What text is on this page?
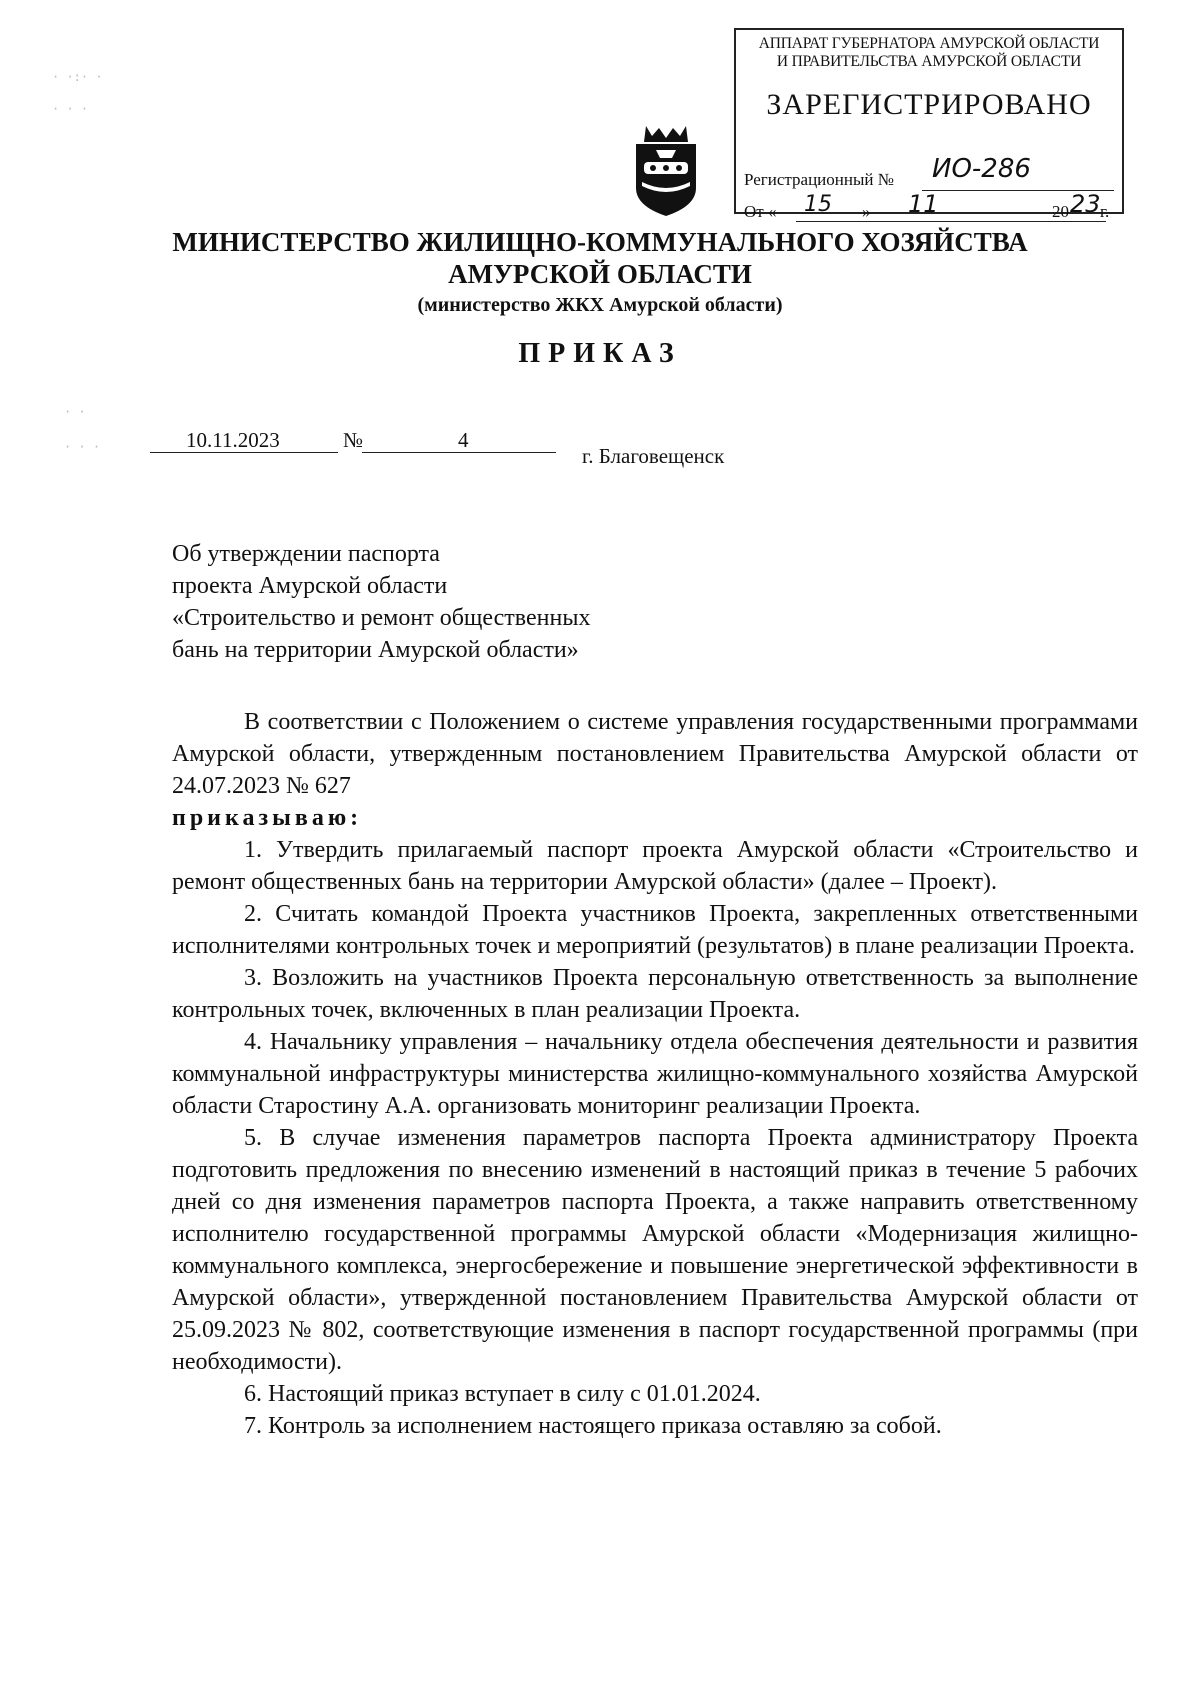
· ·:· ·
· · ·
· ·
· · ·
АППАРАТ ГУБЕРНАТОРА АМУРСКОЙ ОБЛАСТИ
И ПРАВИТЕЛЬСТВА АМУРСКОЙ ОБЛАСТИ
ЗАРЕГИСТРИРОВАНО
Регистрационный № ИО-286
От « 15 » 11	20 23 г.
МИНИСТЕРСТВО ЖИЛИЩНО-КОММУНАЛЬНОГО ХОЗЯЙСТВА
АМУРСКОЙ ОБЛАСТИ
(министерство ЖКХ Амурской области)
ПРИКАЗ
10.11.2023	№	4
г. Благовещенск
Об утверждении паспорта
проекта Амурской области
«Строительство и ремонт общественных
бань на территории Амурской области»

В соответствии с Положением о системе управления государственными программами Амурской области, утвержденным постановлением Правительства Амурской области от 24.07.2023 № 627

приказываю:

1. Утвердить прилагаемый паспорт проекта Амурской области «Строительство и ремонт общественных бань на территории Амурской области» (далее – Проект).

2. Считать командой Проекта участников Проекта, закрепленных ответственными исполнителями контрольных точек и мероприятий (результатов) в плане реализации Проекта.

3. Возложить на участников Проекта персональную ответственность за выполнение контрольных точек, включенных в план реализации Проекта.

4. Начальнику управления – начальнику отдела обеспечения деятельности и развития коммунальной инфраструктуры министерства жилищно-коммунального хозяйства Амурской области Старостину А.А. организовать мониторинг реализации Проекта.

5. В случае изменения параметров паспорта Проекта администратору Проекта подготовить предложения по внесению изменений в настоящий приказ в течение 5 рабочих дней со дня изменения параметров паспорта Проекта, а также направить ответственному исполнителю государственной программы Амурской области «Модернизация жилищно-коммунального комплекса, энергосбережение и повышение энергетической эффективности в Амурской области», утвержденной постановлением Правительства Амурской области от 25.09.2023 № 802, соответствующие изменения в паспорт государственной программы (при необходимости).

6. Настоящий приказ вступает в силу с 01.01.2024.

7. Контроль за исполнением настоящего приказа оставляю за собой.
